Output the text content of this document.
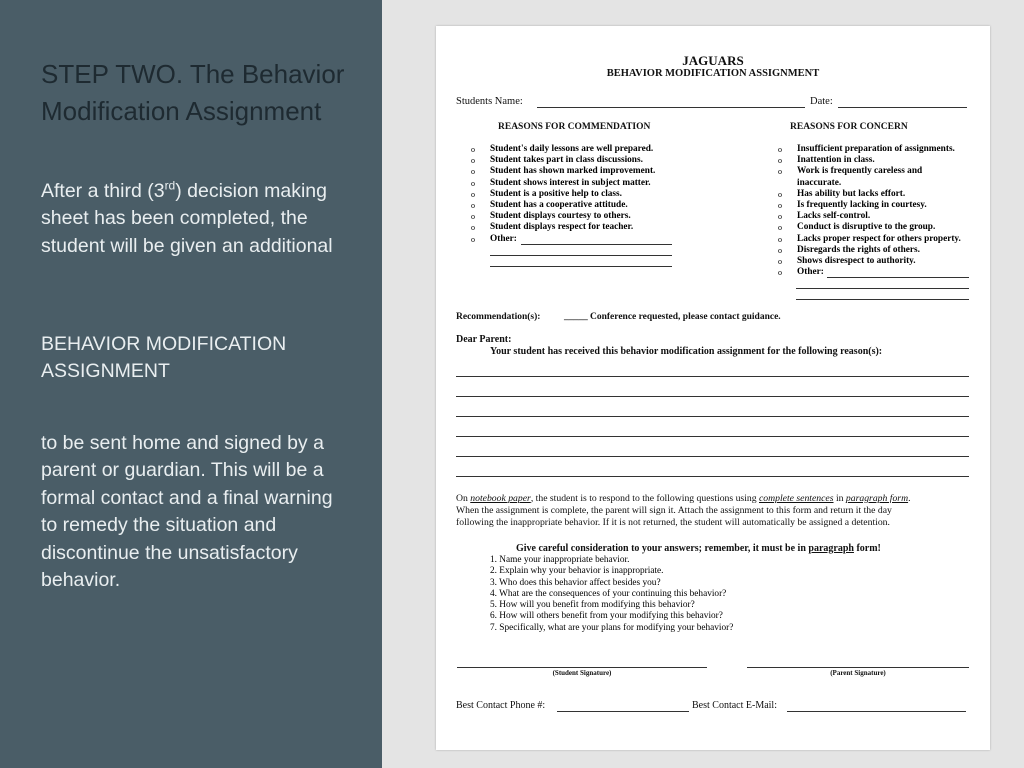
STEP TWO. The Behavior Modification Assignment

After a third (3rd) decision making sheet has been completed, the student will be given an additional

BEHAVIOR MODIFICATION ASSIGNMENT

to be sent home and signed by a parent or guardian. This will be a formal contact and a final warning to remedy the situation and discontinue the unsatisfactory behavior.

JAGUARS
BEHAVIOR MODIFICATION ASSIGNMENT
Students Name:	Date:
REASONS FOR COMMENDATION	REASONS FOR CONCERN
o Student's daily lessons are well prepared.
o Student takes part in class discussions.
o Student has shown marked improvement.
o Student shows interest in subject matter.
o Student is a positive help to class.
o Student has a cooperative attitude.
o Student displays courtesy to others.
o Student displays respect for teacher.
o Other:
o Insufficient preparation of assignments.
o Inattention in class.
o Work is frequently careless and
inaccurate.
o Has ability but lacks effort.
o Is frequently lacking in courtesy.
o Lacks self-control.
o Conduct is disruptive to the group.
o Lacks proper respect for others property.
o Disregards the rights of others.
o Shows disrespect to authority.
o Other:
Recommendation(s): _____ Conference requested, please contact guidance.
Dear Parent:
Your student has received this behavior modification assignment for the following reason(s):
On notebook paper, the student is to respond to the following questions using complete sentences in paragraph form.
When the assignment is complete, the parent will sign it. Attach the assignment to this form and return it the day
following the inappropriate behavior. If it is not returned, the student will automatically be assigned a detention.
Give careful consideration to your answers; remember, it must be in paragraph form!
1. Name your inappropriate behavior.
2. Explain why your behavior is inappropriate.
3. Who does this behavior affect besides you?
4. What are the consequences of your continuing this behavior?
5. How will you benefit from modifying this behavior?
6. How will others benefit from your modifying this behavior?
7. Specifically, what are your plans for modifying your behavior?
(Student Signature)	(Parent Signature)
Best Contact Phone #:	Best Contact E-Mail:
